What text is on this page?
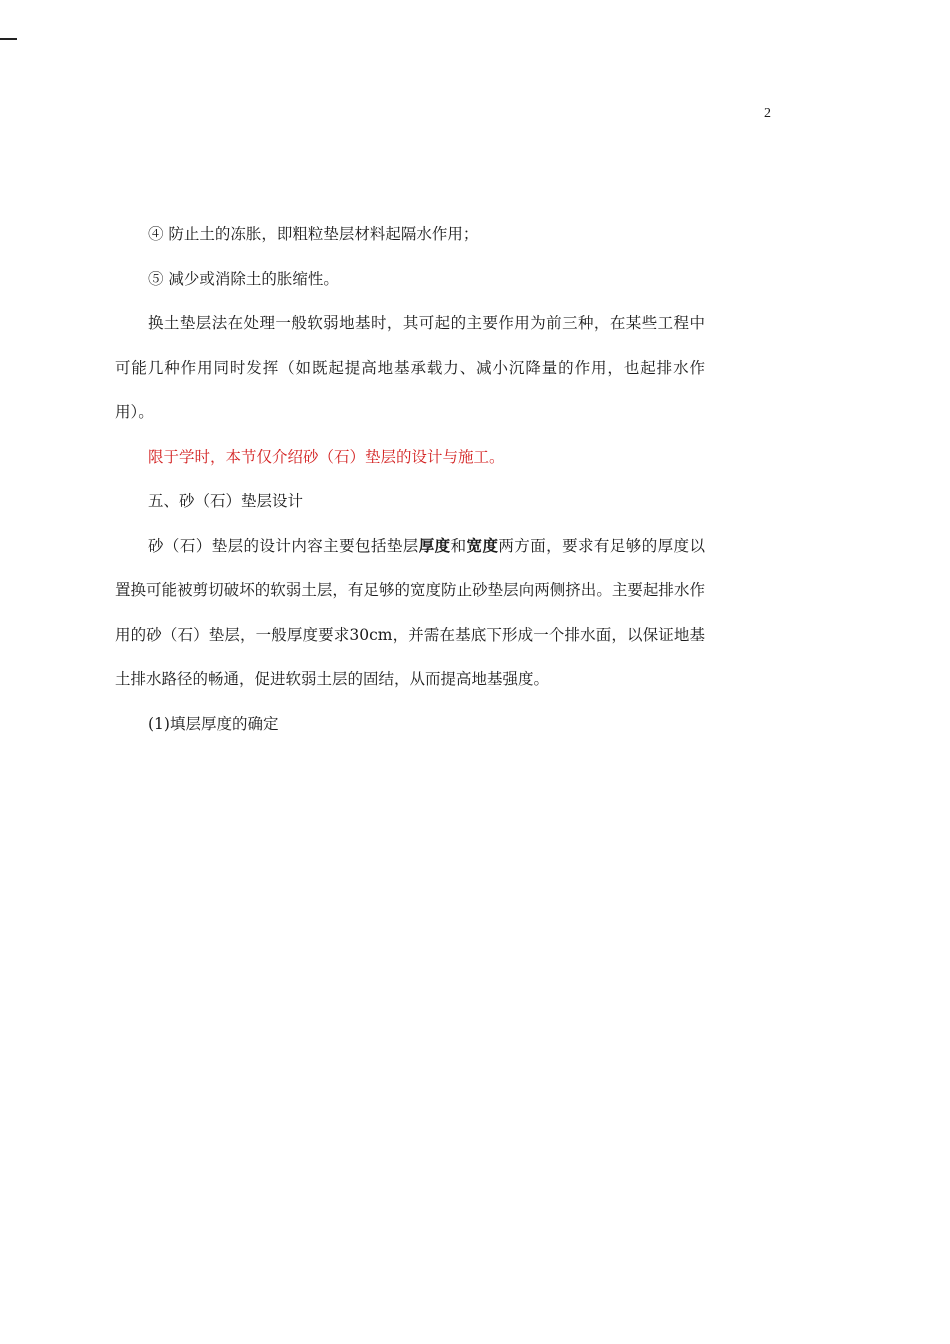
2

④ 防止土的冻胀，即粗粒垫层材料起隔水作用；

⑤ 减少或消除土的胀缩性。

换土垫层法在处理一般软弱地基时，其可起的主要作用为前三种，在某些工程中可能几种作用同时发挥（如既起提高地基承载力、减小沉降量的作用，也起排水作用）。

限于学时，本节仅介绍砂（石）垫层的设计与施工。

五、砂（石）垫层设计

砂（石）垫层的设计内容主要包括垫层厚度和宽度两方面，要求有足够的厚度以置换可能被剪切破坏的软弱土层，有足够的宽度防止砂垫层向两侧挤出。主要起排水作用的砂（石）垫层，一般厚度要求30cm，并需在基底下形成一个排水面，以保证地基土排水路径的畅通，促进软弱土层的固结，从而提高地基强度。

(1)填层厚度的确定
